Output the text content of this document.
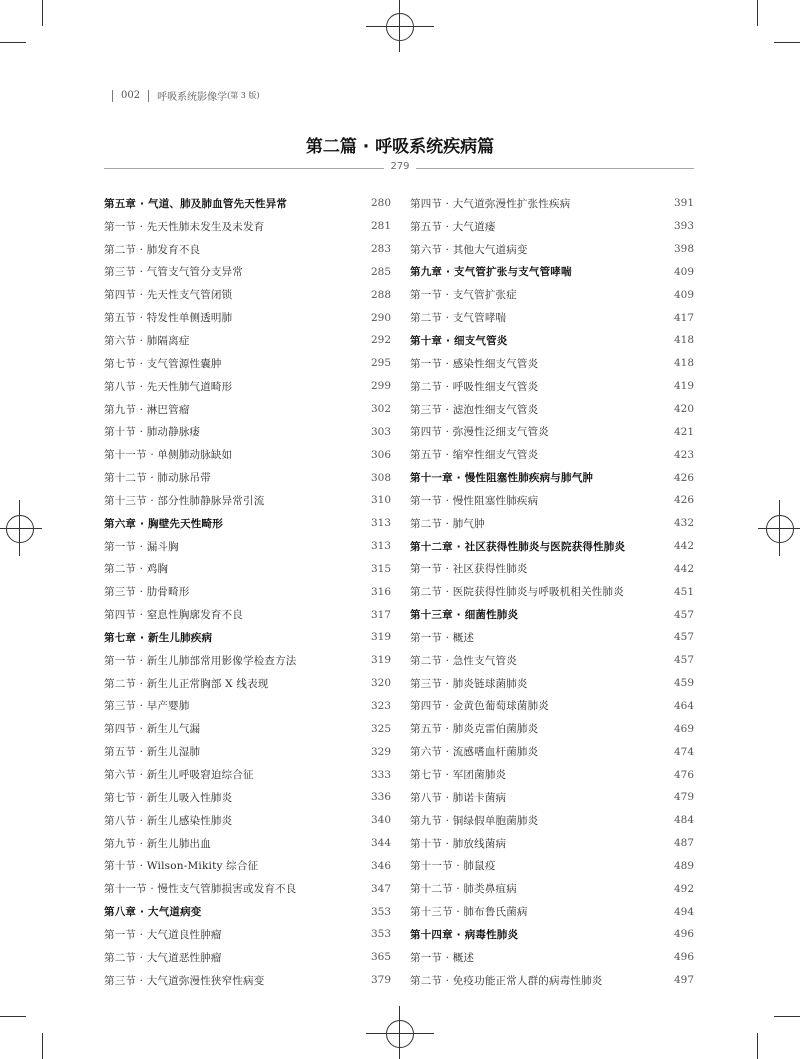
002 呼吸系统影像学 (第 3 版)
第二篇 · 呼吸系统疾病篇
279
第五章 · 气道、肺及肺血管先天性异常	280
第一节 · 先天性肺未发生及未发育	281
第二节 · 肺发育不良	283
第三节 · 气管支气管分支异常	285
第四节 · 先天性支气管闭锁	288
第五节 · 特发性单侧透明肺	290
第六节 · 肺隔离症	292
第七节 · 支气管源性囊肿	295
第八节 · 先天性肺气道畸形	299
第九节 · 淋巴管瘤	302
第十节 · 肺动静脉瘘	303
第十一节 · 单侧肺动脉缺如	306
第十二节 · 肺动脉吊带	308
第十三节 · 部分性肺静脉异常引流	310
第六章 · 胸壁先天性畸形	313
第一节 · 漏斗胸	313
第二节 · 鸡胸	315
第三节 · 肋骨畸形	316
第四节 · 窒息性胸廓发育不良	317
第七章 · 新生儿肺疾病	319
第一节 · 新生儿肺部常用影像学检查方法	319
第二节 · 新生儿正常胸部 X 线表现	320
第三节 · 早产婴肺	323
第四节 · 新生儿气漏	325
第五节 · 新生儿湿肺	329
第六节 · 新生儿呼吸窘迫综合征	333
第七节 · 新生儿吸入性肺炎	336
第八节 · 新生儿感染性肺炎	340
第九节 · 新生儿肺出血	344
第十节 · Wilson-Mikity 综合征	346
第十一节 · 慢性支气管肺损害或发育不良	347
第八章 · 大气道病变	353
第一节 · 大气道良性肿瘤	353
第二节 · 大气道恶性肿瘤	365
第三节 · 大气道弥漫性狭窄性病变	379
第四节 · 大气道弥漫性扩张性疾病	391
第五节 · 大气道瘘	393
第六节 · 其他大气道病变	398
第九章 · 支气管扩张与支气管哮喘	409
第一节 · 支气管扩张症	409
第二节 · 支气管哮喘	417
第十章 · 细支气管炎	418
第一节 · 感染性细支气管炎	418
第二节 · 呼吸性细支气管炎	419
第三节 · 滤泡性细支气管炎	420
第四节 · 弥漫性泛细支气管炎	421
第五节 · 缩窄性细支气管炎	423
第十一章 · 慢性阻塞性肺疾病与肺气肿	426
第一节 · 慢性阻塞性肺疾病	426
第二节 · 肺气肿	432
第十二章 · 社区获得性肺炎与医院获得性肺炎	442
第一节 · 社区获得性肺炎	442
第二节 · 医院获得性肺炎与呼吸机相关性肺炎	451
第十三章 · 细菌性肺炎	457
第一节 · 概述	457
第二节 · 急性支气管炎	457
第三节 · 肺炎链球菌肺炎	459
第四节 · 金黄色葡萄球菌肺炎	464
第五节 · 肺炎克雷伯菌肺炎	469
第六节 · 流感嗜血杆菌肺炎	474
第七节 · 军团菌肺炎	476
第八节 · 肺诺卡菌病	479
第九节 · 铜绿假单胞菌肺炎	484
第十节 · 肺放线菌病	487
第十一节 · 肺鼠疫	489
第十二节 · 肺类鼻疽病	492
第十三节 · 肺布鲁氏菌病	494
第十四章 · 病毒性肺炎	496
第一节 · 概述	496
第二节 · 免疫功能正常人群的病毒性肺炎	497
